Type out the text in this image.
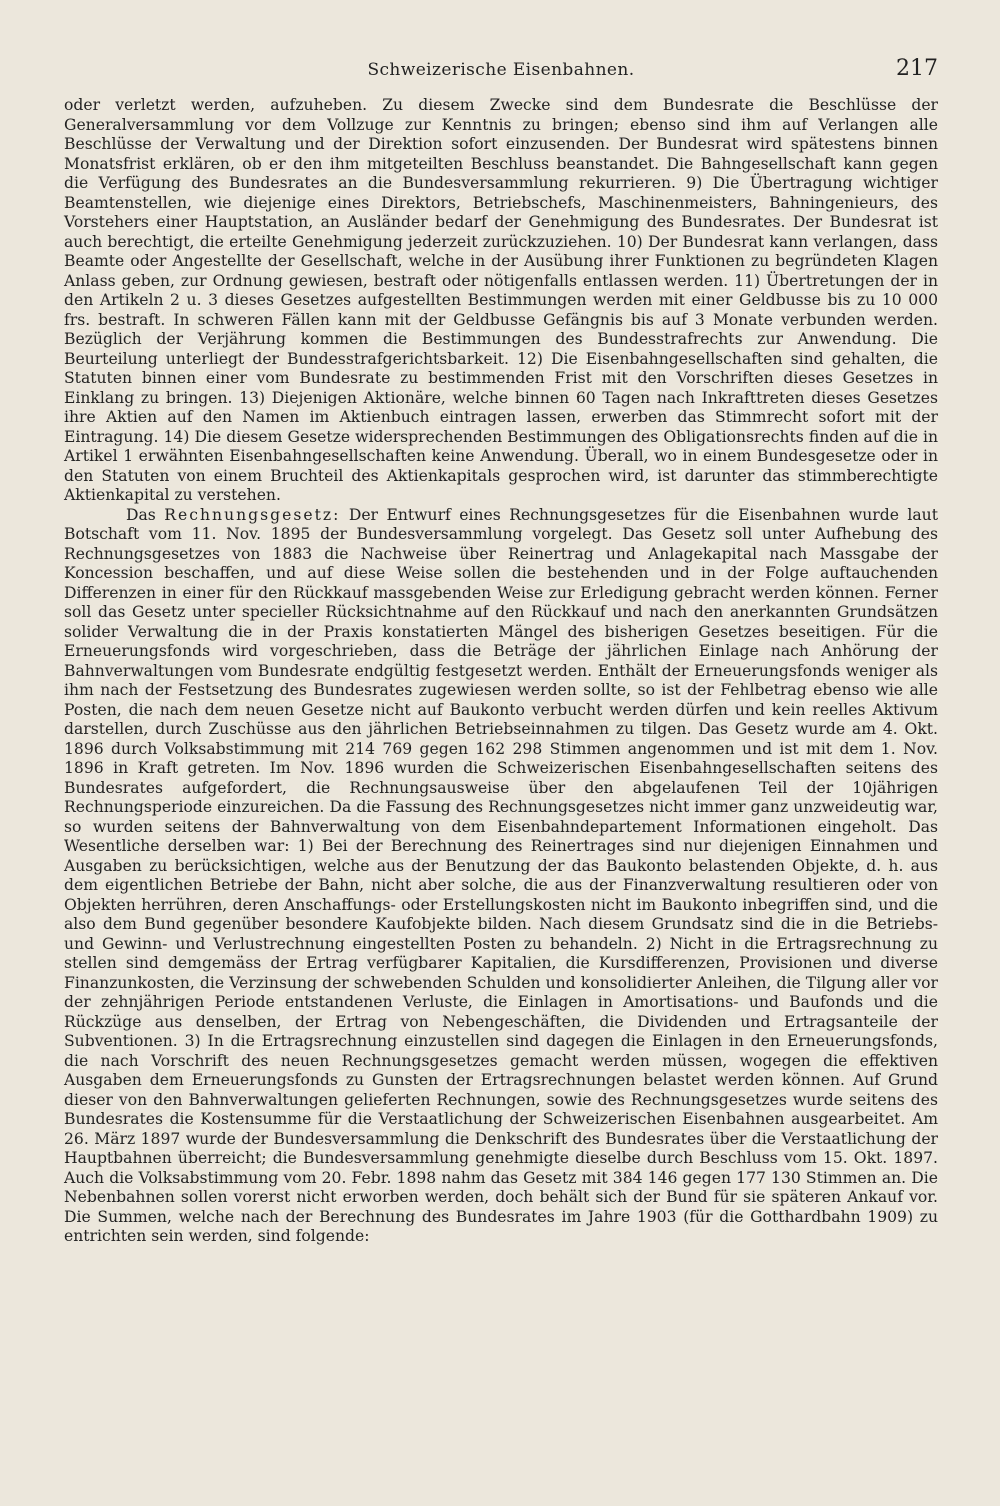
Schweizerische Eisenbahnen.	217

oder verletzt werden, aufzuheben. Zu diesem Zwecke sind dem Bundesrate die Beschlüsse der Generalversammlung vor dem Vollzuge zur Kenntnis zu bringen; ebenso sind ihm auf Verlangen alle Beschlüsse der Verwaltung und der Direktion sofort einzusenden. Der Bundesrat wird spätestens binnen Monatsfrist erklären, ob er den ihm mitgeteilten Beschluss beanstandet. Die Bahngesellschaft kann gegen die Verfügung des Bundesrates an die Bundesversammlung rekurrieren. 9) Die Übertragung wichtiger Beamtenstellen, wie diejenige eines Direktors, Betriebschefs, Maschinenmeisters, Bahningenieurs, des Vorstehers einer Hauptstation, an Ausländer bedarf der Genehmigung des Bundesrates. Der Bundesrat ist auch berechtigt, die erteilte Genehmigung jederzeit zurückzuziehen. 10) Der Bundesrat kann verlangen, dass Beamte oder Angestellte der Gesellschaft, welche in der Ausübung ihrer Funktionen zu begründeten Klagen Anlass geben, zur Ordnung gewiesen, bestraft oder nötigenfalls entlassen werden. 11) Übertretungen der in den Artikeln 2 u. 3 dieses Gesetzes aufgestellten Bestimmungen werden mit einer Geldbusse bis zu 10 000 frs. bestraft. In schweren Fällen kann mit der Geldbusse Gefängnis bis auf 3 Monate verbunden werden. Bezüglich der Verjährung kommen die Bestimmungen des Bundesstrafrechts zur Anwendung. Die Beurteilung unterliegt der Bundesstrafgerichtsbarkeit. 12) Die Eisenbahngesellschaften sind gehalten, die Statuten binnen einer vom Bundesrate zu bestimmenden Frist mit den Vorschriften dieses Gesetzes in Einklang zu bringen. 13) Diejenigen Aktionäre, welche binnen 60 Tagen nach Inkrafttreten dieses Gesetzes ihre Aktien auf den Namen im Aktienbuch eintragen lassen, erwerben das Stimmrecht sofort mit der Eintragung. 14) Die diesem Gesetze widersprechenden Bestimmungen des Obligationsrechts finden auf die in Artikel 1 erwähnten Eisenbahngesellschaften keine Anwendung. Überall, wo in einem Bundesgesetze oder in den Statuten von einem Bruchteil des Aktienkapitals gesprochen wird, ist darunter das stimmberechtigte Aktienkapital zu verstehen.

Das Rechnungsgesetz: Der Entwurf eines Rechnungsgesetzes für die Eisenbahnen wurde laut Botschaft vom 11. Nov. 1895 der Bundesversammlung vorgelegt. Das Gesetz soll unter Aufhebung des Rechnungsgesetzes von 1883 die Nachweise über Reinertrag und Anlagekapital nach Massgabe der Koncession beschaffen, und auf diese Weise sollen die bestehenden und in der Folge auftauchenden Differenzen in einer für den Rückkauf massgebenden Weise zur Erledigung gebracht werden können. Ferner soll das Gesetz unter specieller Rücksichtnahme auf den Rückkauf und nach den anerkannten Grundsätzen solider Verwaltung die in der Praxis konstatierten Mängel des bisherigen Gesetzes beseitigen. Für die Erneuerungsfonds wird vorgeschrieben, dass die Beträge der jährlichen Einlage nach Anhörung der Bahnverwaltungen vom Bundesrate endgültig festgesetzt werden. Enthält der Erneuerungsfonds weniger als ihm nach der Festsetzung des Bundesrates zugewiesen werden sollte, so ist der Fehlbetrag ebenso wie alle Posten, die nach dem neuen Gesetze nicht auf Baukonto verbucht werden dürfen und kein reelles Aktivum darstellen, durch Zuschüsse aus den jährlichen Betriebseinnahmen zu tilgen. Das Gesetz wurde am 4. Okt. 1896 durch Volksabstimmung mit 214 769 gegen 162 298 Stimmen angenommen und ist mit dem 1. Nov. 1896 in Kraft getreten. Im Nov. 1896 wurden die Schweizerischen Eisenbahngesellschaften seitens des Bundesrates aufgefordert, die Rechnungsausweise über den abgelaufenen Teil der 10jährigen Rechnungsperiode einzureichen. Da die Fassung des Rechnungsgesetzes nicht immer ganz unzweideutig war, so wurden seitens der Bahnverwaltung von dem Eisenbahndepartement Informationen eingeholt. Das Wesentliche derselben war: 1) Bei der Berechnung des Reinertrages sind nur diejenigen Einnahmen und Ausgaben zu berücksichtigen, welche aus der Benutzung der das Baukonto belastenden Objekte, d. h. aus dem eigentlichen Betriebe der Bahn, nicht aber solche, die aus der Finanzverwaltung resultieren oder von Objekten herrühren, deren Anschaffungs- oder Erstellungskosten nicht im Baukonto inbegriffen sind, und die also dem Bund gegenüber besondere Kaufobjekte bilden. Nach diesem Grundsatz sind die in die Betriebs- und Gewinn- und Verlustrechnung eingestellten Posten zu behandeln. 2) Nicht in die Ertragsrechnung zu stellen sind demgemäss der Ertrag verfügbarer Kapitalien, die Kursdifferenzen, Provisionen und diverse Finanzunkosten, die Verzinsung der schwebenden Schulden und konsolidierter Anleihen, die Tilgung aller vor der zehnjährigen Periode entstandenen Verluste, die Einlagen in Amortisations- und Baufonds und die Rückzüge aus denselben, der Ertrag von Nebengeschäften, die Dividenden und Ertragsanteile der Subventionen. 3) In die Ertragsrechnung einzustellen sind dagegen die Einlagen in den Erneuerungsfonds, die nach Vorschrift des neuen Rechnungsgesetzes gemacht werden müssen, wogegen die effektiven Ausgaben dem Erneuerungsfonds zu Gunsten der Ertragsrechnungen belastet werden können. Auf Grund dieser von den Bahnverwaltungen gelieferten Rechnungen, sowie des Rechnungsgesetzes wurde seitens des Bundesrates die Kostensumme für die Verstaatlichung der Schweizerischen Eisenbahnen ausgearbeitet. Am 26. März 1897 wurde der Bundesversammlung die Denkschrift des Bundesrates über die Verstaatlichung der Hauptbahnen überreicht; die Bundesversammlung genehmigte dieselbe durch Beschluss vom 15. Okt. 1897. Auch die Volksabstimmung vom 20. Febr. 1898 nahm das Gesetz mit 384 146 gegen 177 130 Stimmen an. Die Nebenbahnen sollen vorerst nicht erworben werden, doch behält sich der Bund für sie späteren Ankauf vor. Die Summen, welche nach der Berechnung des Bundesrates im Jahre 1903 (für die Gotthardbahn 1909) zu entrichten sein werden, sind folgende:
